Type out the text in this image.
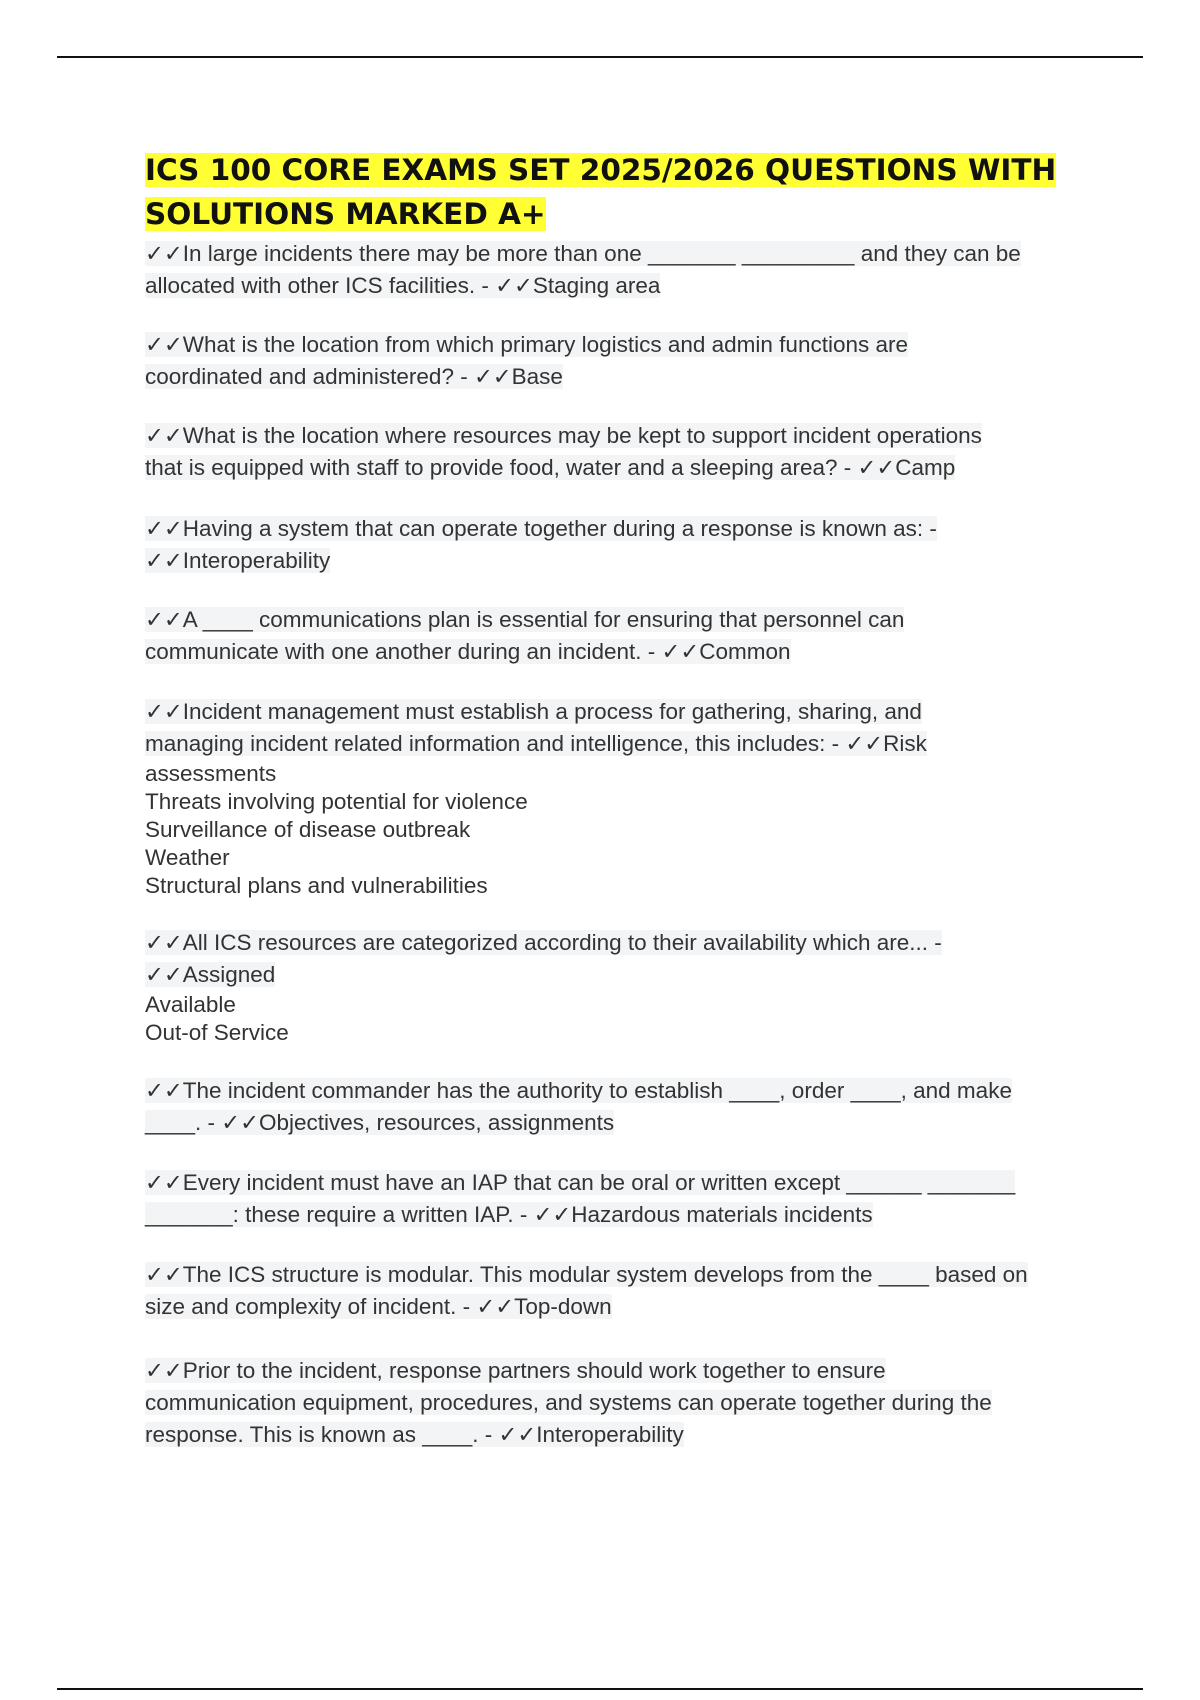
ICS 100 CORE EXAMS SET 2025/2026 QUESTIONS WITH
SOLUTIONS MARKED A+
✓✓In large incidents there may be more than one _______ _________ and they can be
allocated with other ICS facilities. - ✓✓Staging area

✓✓What is the location from which primary logistics and admin functions are
coordinated and administered? - ✓✓Base

✓✓What is the location where resources may be kept to support incident operations
that is equipped with staff to provide food, water and a sleeping area? - ✓✓Camp

✓✓Having a system that can operate together during a response is known as: -
✓✓Interoperability

✓✓A ____ communications plan is essential for ensuring that personnel can
communicate with one another during an incident. - ✓✓Common

✓✓Incident management must establish a process for gathering, sharing, and
managing incident related information and intelligence, this includes: - ✓✓Risk

assessments
Threats involving potential for violence
Surveillance of disease outbreak
Weather
Structural plans and vulnerabilities
✓✓All ICS resources are categorized according to their availability which are... -
✓✓Assigned

Available
Out-of Service
✓✓The incident commander has the authority to establish ____, order ____, and make
____. - ✓✓Objectives, resources, assignments

✓✓Every incident must have an IAP that can be oral or written except ______ _______
_______: these require a written IAP. - ✓✓Hazardous materials incidents

✓✓The ICS structure is modular. This modular system develops from the ____ based on
size and complexity of incident. - ✓✓Top-down

✓✓Prior to the incident, response partners should work together to ensure
communication equipment, procedures, and systems can operate together during the
response. This is known as ____. - ✓✓Interoperability
